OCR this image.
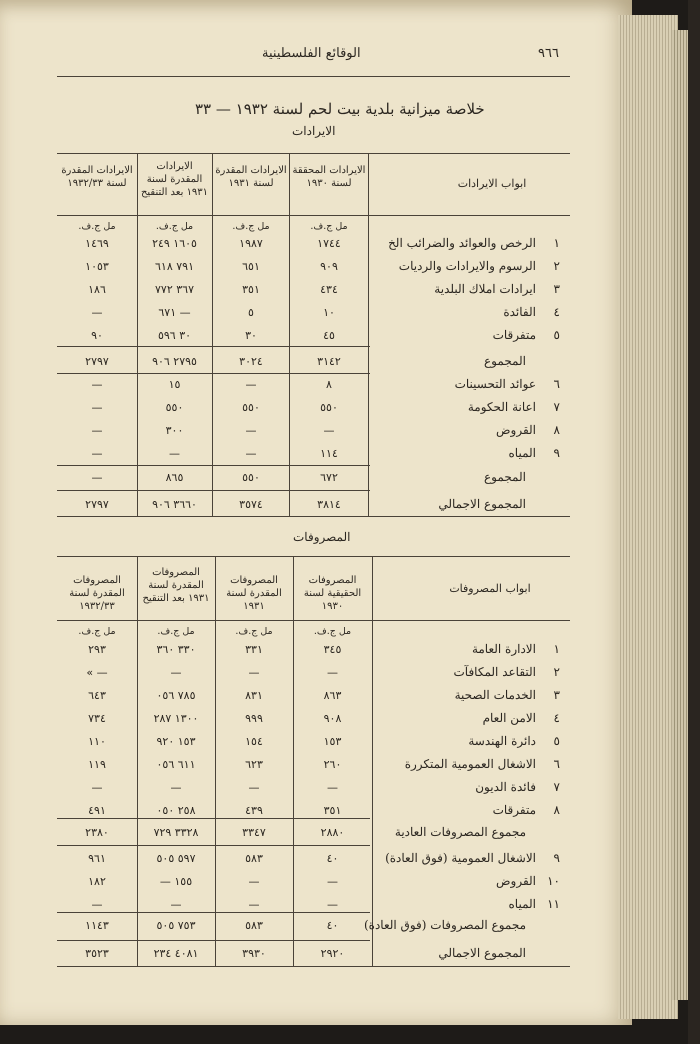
٩٦٦
الوقائع الفلسطينية
خلاصة ميزانية بلدية بيت لحم لسنة ١٩٣٢ — ٣٣
الايرادات
ابواب الايرادات
الايرادات المحققة لسنة ١٩٣٠
الايرادات المقدرة لسنة ١٩٣١
الايرادات المقدرة لسنة ١٩٣١ بعد التنقيح
الايرادات المقدرة لسنة ١٩٣٢/٣٣
مل ج.ف.
مل ج.ف.
مل ج.ف.
مل ج.ف.
١
الرخص والعوائد والضرائب الخ
١٧٤٤
١٩٨٧
١٦٠٥ ٢٤٩
١٤٦٩
٢
الرسوم والايرادات والرديات
٩٠٩
٦٥١
٧٩١ ٦١٨
١٠٥٣
٣
ايرادات املاك البلدية
٤٣٤
٣٥١
٣٦٧ ٧٧٢
١٨٦
٤
الفائدة
١٠
٥
— ٦٧١
—
٥
متفرقات
٤٥
٣٠
٣٠ ٥٩٦
٩٠
المجموع
٣١٤٢
٣٠٢٤
٢٧٩٥ ٩٠٦
٢٧٩٧
٦
عوائد التحسينات
٨
—
١٥
—
٧
اعانة الحكومة
٥٥٠
٥٥٠
٥٥٠
—
٨
القروض
—
—
٣٠٠
—
٩
المياه
١١٤
—
—
—
المجموع
٦٧٢
٥٥٠
٨٦٥
—
المجموع الاجمالي
٣٨١٤
٣٥٧٤
٣٦٦٠ ٩٠٦
٢٧٩٧
المصروفات
ابواب المصروفات
المصروفات الحقيقية لسنة ١٩٣٠
المصروفات المقدرة لسنة ١٩٣١
المصروفات المقدرة لسنة ١٩٣١ بعد التنقيح
المصروفات المقدرة لسنة ١٩٣٢/٣٣
مل ج.ف.
مل ج.ف.
مل ج.ف.
مل ج.ف.
١
الادارة العامة
٣٤٥
٣٣١
٣٣٠ ٣٦٠
٢٩٣
٢
التقاعد المكافآت
—
—
—
— »
٣
الخدمات الصحية
٨٦٣
٨٣١
٧٨٥ ٠٥٦
٦٤٣
٤
الامن العام
٩٠٨
٩٩٩
١٣٠٠ ٢٨٧
٧٣٤
٥
دائرة الهندسة
١٥٣
١٥٤
١٥٣ ٩٢٠
١١٠
٦
الاشغال العمومية المتكررة
٢٦٠
٦٢٣
٦١١ ٠٥٦
١١٩
٧
فائدة الديون
—
—
—
—
٨
متفرقات
٣٥١
٤٣٩
٢٥٨ ٠٥٠
٤٩١
مجموع المصروفات العادية
٢٨٨٠
٣٣٤٧
٣٣٢٨ ٧٢٩
٢٣٨٠
٩
الاشغال العمومية (فوق العادة)
٤٠
٥٨٣
٥٩٧ ٥٠٥
٩٦١
١٠
القروض
—
—
١٥٥ —
١٨٢
١١
المياه
—
—
—
—
مجموع المصروفات (فوق العادة)
٤٠
٥٨٣
٧٥٣ ٥٠٥
١١٤٣
المجموع الاجمالي
٢٩٢٠
٣٩٣٠
٤٠٨١ ٢٣٤
٣٥٢٣
